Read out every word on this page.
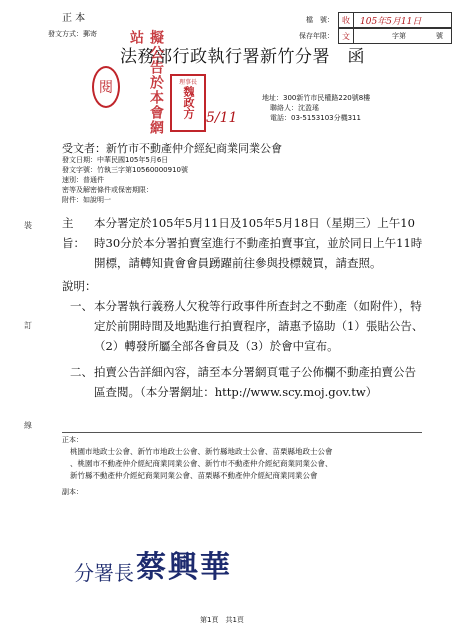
正 本
發文方式：郵寄
檔　號：	收	105年5月11日
保存年限：	文	字第	號
法務部行政執行署新竹分署　函
閱	擬公告於本會網站
理事長
魏政方 5/11
地址：300新竹市民權路220號8樓
聯絡人：沈盈瑤
電話：03-5153103分機311
受文者：新竹市不動產仲介經紀商業同業公會
發文日期：中華民國105年5月6日
發文字號：竹執三字第10560000910號
速別：普通件
密等及解密條件或保密期限：
附件：如說明一
裝
訂
線
主旨：
本分署定於105年5月11日及105年5月18日（星期三）上午10時30分於本分署拍賣室進行不動產拍賣事宜，並於同日上午11時開標，請轉知貴會會員踴躍前往參與投標競買，請查照。
說明：
一、 本分署執行義務人欠稅等行政事件所查封之不動產（如附件），特定於前開時間及地點進行拍賣程序，請惠予協助（1）張貼公告、（2）轉發所屬全部各會員及（3）於會中宣布。
二、 拍賣公告詳細內容，請至本分署網頁電子公佈欄不動產拍賣公告區查閱。（本分署網址：http://www.scy.moj.gov.tw）
正本：
桃園市地政士公會、新竹市地政士公會、新竹縣地政士公會、苗栗縣地政士公會
、桃園市不動產仲介經紀商業同業公會、新竹市不動產仲介經紀商業同業公會、
新竹縣不動產仲介經紀商業同業公會、苗栗縣不動產仲介經紀商業同業公會
副本：
分署長 蔡興華
第1頁　共1頁
